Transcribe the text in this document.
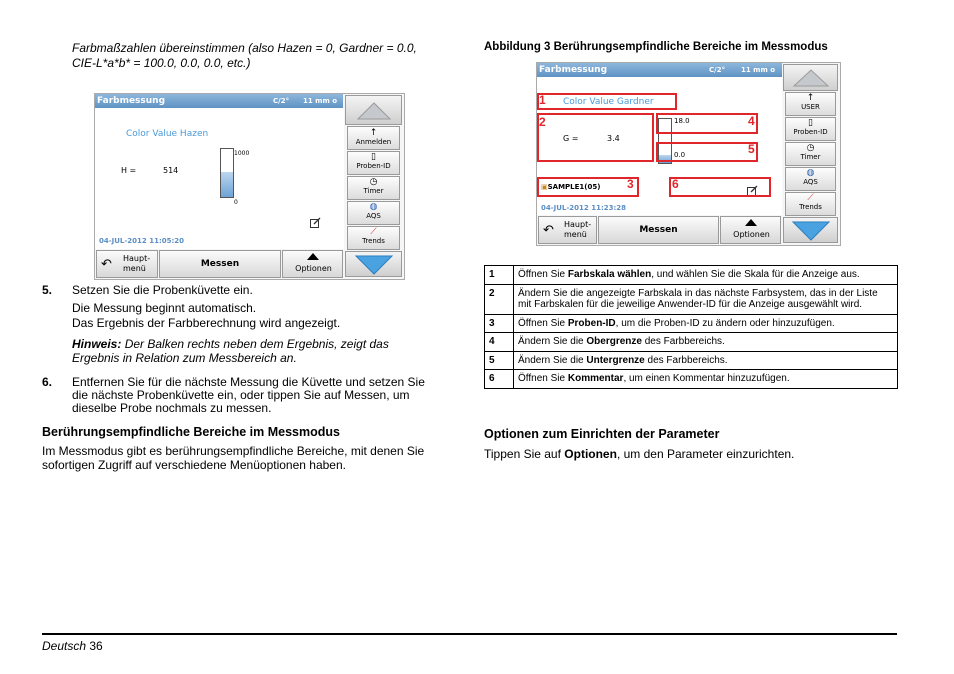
Farbmaßzahlen übereinstimmen (also Hazen = 0, Gardner = 0.0,
CIE-L*a*b* = 100.0, 0.0, 0.0, etc.)
Farbmessung	C/2° 11 mm o
Color Value Hazen
H =	514
1000
0
04-JUL-2012 11:05:20
↑
Anmelden
▯
Proben-ID
◷
Timer
◍
AQS
⟋
Trends
↶ Haupt-
menü	Messen	Optionen
5. Setzen Sie die Probenküvette ein.
Die Messung beginnt automatisch.
Das Ergebnis der Farbberechnung wird angezeigt.
Hinweis: Der Balken rechts neben dem Ergebnis, zeigt das
Ergebnis in Relation zum Messbereich an.
6. Entfernen Sie für die nächste Messung die Küvette und setzen Sie
die nächste Probenküvette ein, oder tippen Sie auf Messen, um
dieselbe Probe nochmals zu messen.
Berührungsempfindliche Bereiche im Messmodus
Im Messmodus gibt es berührungsempfindliche Bereiche, mit denen Sie
sofortigen Zugriff auf verschiedene Menüoptionen haben.
Abbildung 3 Berührungsempfindliche Bereiche im Messmodus
Farbmessung	C/2° 11 mm o
Color Value Gardner
G =	3.4
18.0
0.0
▣SAMPLE1(05)
04-JUL-2012 11:23:28
↑
USER
▯
Proben-ID
◷
Timer
◍
AQS
⟋
Trends
↶ Haupt-
menü	Messen	Optionen
1
2	4
5
3	6
1	Öffnen Sie Farbskala wählen, und wählen Sie die Skala für die Anzeige aus.
2	Ändern Sie die angezeigte Farbskala in das nächste Farbsystem, das in der Liste mit Farbskalen für die jeweilige Anwender-ID für die Anzeige ausgewählt wird.
3	Öffnen Sie Proben-ID, um die Proben-ID zu ändern oder hinzuzufügen.
4	Ändern Sie die Obergrenze des Farbbereichs.
5	Ändern Sie die Untergrenze des Farbbereichs.
6	Öffnen Sie Kommentar, um einen Kommentar hinzuzufügen.
Optionen zum Einrichten der Parameter
Tippen Sie auf Optionen, um den Parameter einzurichten.
Deutsch 36
